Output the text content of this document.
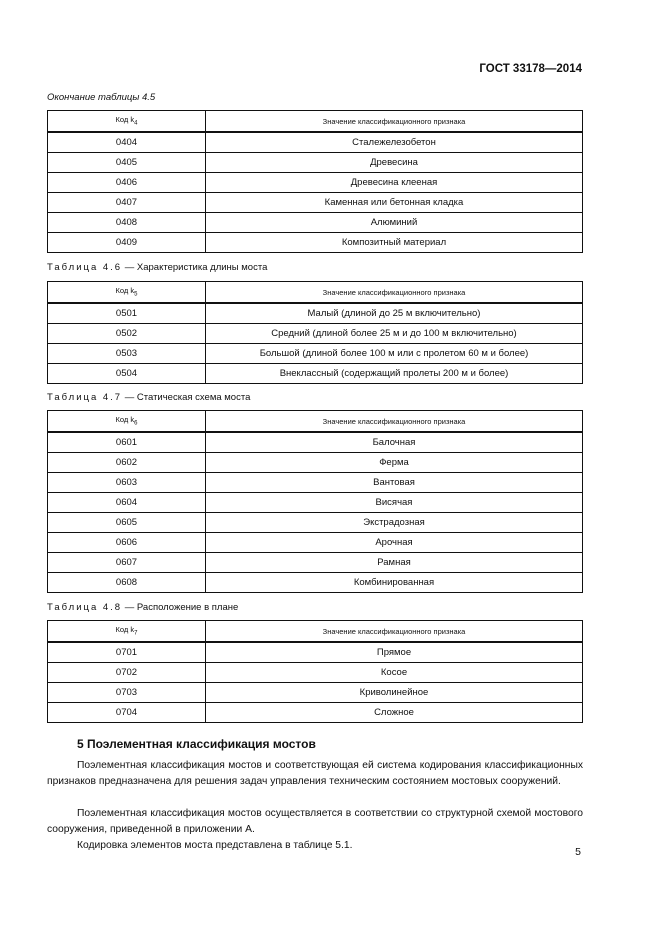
ГОСТ 33178—2014
Окончание таблицы 4.5
Код $k_4$	Значение классификационного признака
0404	Сталежелезобетон
0405	Древесина
0406	Древесина клееная
0407	Каменная или бетонная кладка
0408	Алюминий
0409	Композитный материал
Таблица 4.6 — Характеристика длины моста
Код $k_5$	Значение классификационного признака
0501	Малый (длиной до 25 м включительно)
0502	Средний (длиной более 25 м и до 100 м включительно)
0503	Большой (длиной более 100 м или с пролетом 60 м и более)
0504	Внеклассный (содержащий пролеты 200 м и более)
Таблица 4.7 — Статическая схема моста
Код $k_6$	Значение классификационного признака
0601	Балочная
0602	Ферма
0603	Вантовая
0604	Висячая
0605	Экстрадозная
0606	Арочная
0607	Рамная
0608	Комбинированная
Таблица 4.8 — Расположение в плане
Код $k_7$	Значение классификационного признака
0701	Прямое
0702	Косое
0703	Криволинейное
0704	Сложное
5 Поэлементная классификация мостов
Поэлементная классификация мостов и соответствующая ей система кодирования классификационных признаков предназначена для решения задач управления техническим состоянием мостовых сооружений.
Поэлементная классификация мостов осуществляется в соответствии со структурной схемой мостового сооружения, приведенной в приложении А.
Кодировка элементов моста представлена в таблице 5.1.
5
